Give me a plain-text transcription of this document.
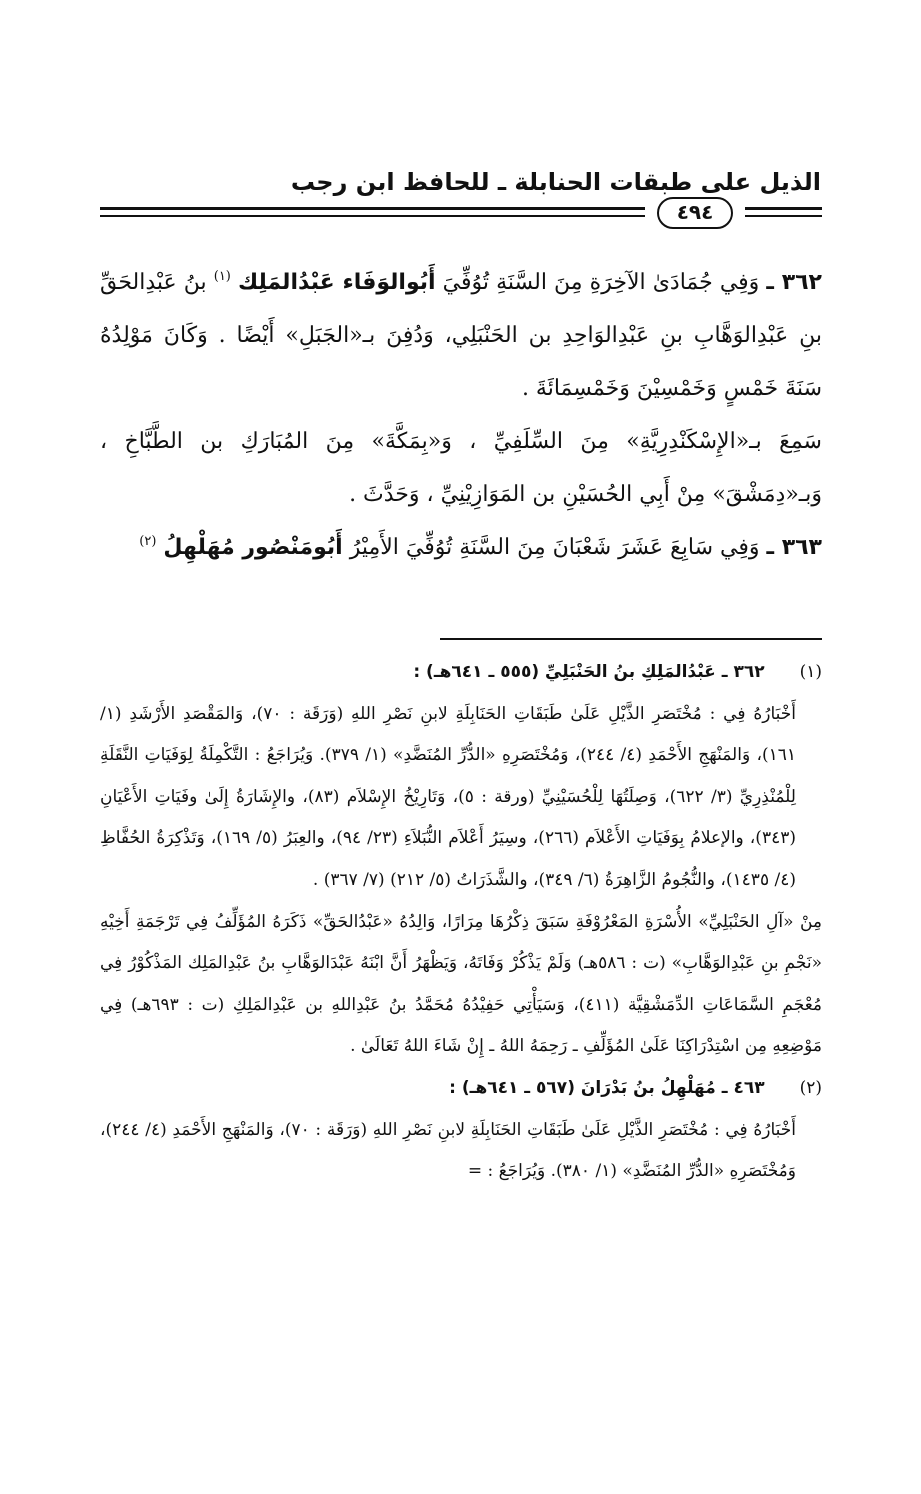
الذيل على طبقات الحنابلة ـ للحافظ ابن رجب
٤٩٤

٣٦٢ ـ وَفِي جُمَادَىٰ الآخِرَةِ مِنَ السَّنَةِ تُوُفِّيَ أَبُوالوَفَاء عَبْدُالمَلِك $^{(١)}$ بنُ عَبْدِالحَقِّ بنِ عَبْدِالوَهَّابِ بنِ عَبْدِالوَاحِدِ بن الحَنْبَلِي، وَدُفِنَ بـ«الجَبَلِ» أَيْضًا . وَكَانَ مَوْلِدُهُ سَنَةَ خَمْسٍ وَخَمْسِيْنَ وَخَمْسِمَائَةَ .

سَمِعَ بـ«الإِسْكَنْدِرِيَّةِ» مِنَ السِّلَفِيِّ ، وَ«بِمَكَّةَ» مِنَ المُبَارَكِ بن الطَّبَّاخِ ، وَبـ«دِمَشْقَ» مِنْ أَبِي الحُسَيْنِ بن المَوَازِيْنِيِّ ، وَحَدَّثَ .

٣٦٣ ـ وَفِي سَابِعَ عَشَرَ شَعْبَانَ مِنَ السَّنَةِ تُوُفِّيَ الأَمِيْرُ أَبُومَنْصُور مُهَلْهِلُ $^{(٢)}$

(١) ٣٦٢ ـ عَبْدُالمَلِكِ بنُ الحَنْبَلِيِّ (٥٥٥ ـ ٦٤١هـ) :

أَخْبَارُهُ فِي : مُخْتَصَرِ الذَّيْلِ عَلَىٰ طَبَقَاتِ الحَنَابِلَةِ لابنِ نَصْرِ اللهِ (وَرَقَة : ٧٠)، وَالمَقْصَدِ الأَرْشَدِ (١/ ١٦١)، وَالمَنْهَجِ الأَحْمَدِ (٤/ ٢٤٤)، وَمُخْتَصَرِهِ «الدُّرِّ المُنَضَّدِ» (١/ ٣٧٩). وَيُرَاجَعُ : التَّكْمِلَةُ لِوَفَيَاتِ النَّقَلَةِ لِلْمُنْذِرِيِّ (٣/ ٦٢٢)، وَصِلَتُهَا لِلْحُسَيْنِيِّ (ورقة : ٥)، وَتَارِيْخُ الإِسْلاَم (٨٣)، والإِشَارَةُ إِلَىٰ وفَيَاتِ الأَعْيَانِ (٣٤٣)، والإعلامُ بِوَفَيَاتِ الأَعْلاَم (٢٦٦)، وسِيَرُ أَعْلاَم النُّبَلاَءِ (٢٣/ ٩٤)، والعِبَرُ (٥/ ١٦٩)، وَتَذْكِرَةُ الحُفَّاظِ (٤/ ١٤٣٥)، والنُّجُومُ الزَّاهِرَةُ (٦/ ٣٤٩)، والشَّذَرَاتُ (٥/ ٢١٢) (٧/ ٣٦٧) .

مِنْ «آلِ الحَنْبَلِيِّ» الأُسْرَةِ المَعْرُوْفَةِ سَبَقَ ذِكْرُهَا مِرَارًا، وَالِدُهُ «عَبْدُالحَقِّ» ذَكَرَهُ المُؤَلِّفُ فِي تَرْجَمَةِ أَخِيْهِ «نَجْمِ بنِ عَبْدِالوَهَّابِ» (ت : ٥٨٦هـ) وَلَمْ يَذْكُرْ وَفَاتَهُ، وَيَظْهَرُ أَنَّ ابْنَهُ عَبْدَالوَهَّابِ بنُ عَبْدِالمَلِك المَذْكُوْرُ فِي مُعْجَمِ السَّمَاعَاتِ الدِّمَشْقِيَّة (٤١١)، وَسَيَأْتِي حَفِيْدُهُ مُحَمَّدُ بنُ عَبْدِاللهِ بن عَبْدِالمَلِكِ (ت : ٦٩٣هـ) فِي مَوْضِعِهِ مِن اسْتِدْرَاكِنَا عَلَىٰ المُؤَلِّفِ ـ رَحِمَهُ اللهُ ـ إِنْ شَاءَ اللهُ تَعَالَىٰ .

(٢) ٤٦٣ ـ مُهَلْهِلُ بنُ بَدْرَانَ (٥٦٧ ـ ٦٤١هـ) :

أَخْبَارُهُ فِي : مُخْتَصَرِ الذَّيْلِ عَلَىٰ طَبَقَاتِ الحَنَابِلَةِ لابنِ نَصْرِ اللهِ (وَرَقَة : ٧٠)، وَالمَنْهَجِ الأَحْمَدِ (٤/ ٢٤٤)، وَمُخْتَصَرِهِ «الدُّرِّ المُنَضَّدِ» (١/ ٣٨٠). وَيُرَاجَعُ : =
